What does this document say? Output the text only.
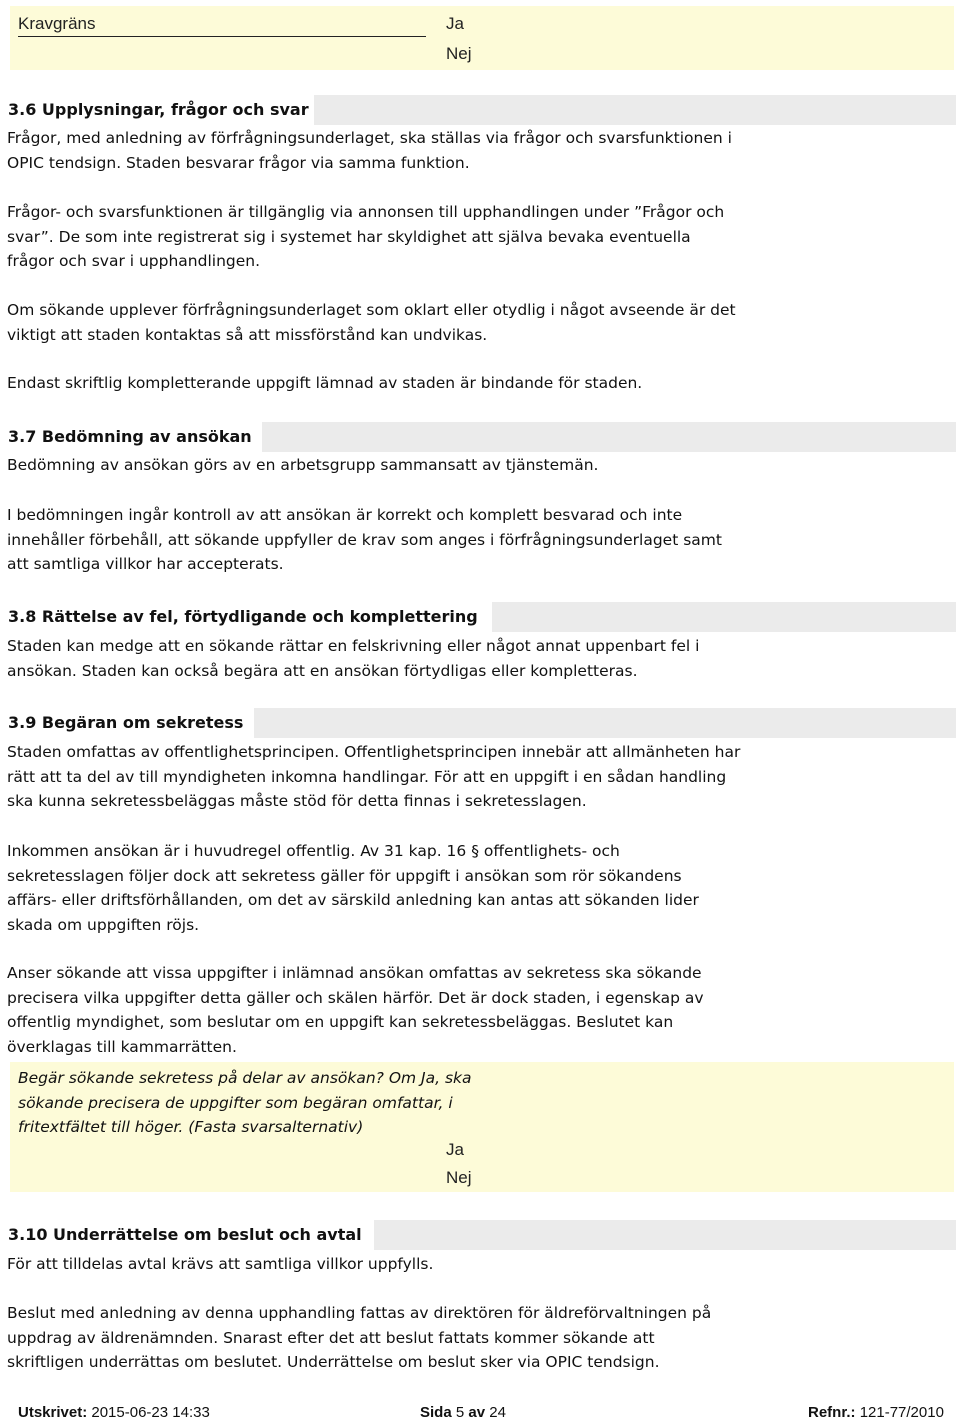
Kravgräns	Ja
Nej
3.6 Upplysningar, frågor och svar

Frågor, med anledning av förfrågningsunderlaget, ska ställas via frågor och svarsfunktionen i
OPIC tendsign. Staden besvarar frågor via samma funktion.

Frågor- och svarsfunktionen är tillgänglig via annonsen till upphandlingen under ”Frågor och
svar”. De som inte registrerat sig i systemet har skyldighet att själva bevaka eventuella
frågor och svar i upphandlingen.

Om sökande upplever förfrågningsunderlaget som oklart eller otydlig i något avseende är det
viktigt att staden kontaktas så att missförstånd kan undvikas.

Endast skriftlig kompletterande uppgift lämnad av staden är bindande för staden.

3.7 Bedömning av ansökan

Bedömning av ansökan görs av en arbetsgrupp sammansatt av tjänstemän.

I bedömningen ingår kontroll av att ansökan är korrekt och komplett besvarad och inte
innehåller förbehåll, att sökande uppfyller de krav som anges i förfrågningsunderlaget samt
att samtliga villkor har accepterats.

3.8 Rättelse av fel, förtydligande och komplettering

Staden kan medge att en sökande rättar en felskrivning eller något annat uppenbart fel i
ansökan. Staden kan också begära att en ansökan förtydligas eller kompletteras.

3.9 Begäran om sekretess

Staden omfattas av offentlighetsprincipen. Offentlighetsprincipen innebär att allmänheten har
rätt att ta del av till myndigheten inkomna handlingar. För att en uppgift i en sådan handling
ska kunna sekretessbeläggas måste stöd för detta finnas i sekretesslagen.

Inkommen ansökan är i huvudregel offentlig. Av 31 kap. 16 § offentlighets- och
sekretesslagen följer dock att sekretess gäller för uppgift i ansökan som rör sökandens
affärs- eller driftsförhållanden, om det av särskild anledning kan antas att sökanden lider
skada om uppgiften röjs.

Anser sökande att vissa uppgifter i inlämnad ansökan omfattas av sekretess ska sökande
precisera vilka uppgifter detta gäller och skälen härför. Det är dock staden, i egenskap av
offentlig myndighet, som beslutar om en uppgift kan sekretessbeläggas. Beslutet kan
överklagas till kammarrätten.

Begär sökande sekretess på delar av ansökan? Om Ja, ska
sökande precisera de uppgifter som begäran omfattar, i
fritextfältet till höger. (Fasta svarsalternativ)

Ja
Nej
3.10 Underrättelse om beslut och avtal

För att tilldelas avtal krävs att samtliga villkor uppfylls.

Beslut med anledning av denna upphandling fattas av direktören för äldreförvaltningen på
uppdrag av äldrenämnden. Snarast efter det att beslut fattats kommer sökande att
skriftligen underrättas om beslutet. Underrättelse om beslut sker via OPIC tendsign.

Utskrivet: 2015-06-23 14:33	Sida 5 av 24	Refnr.: 121-77/2010
